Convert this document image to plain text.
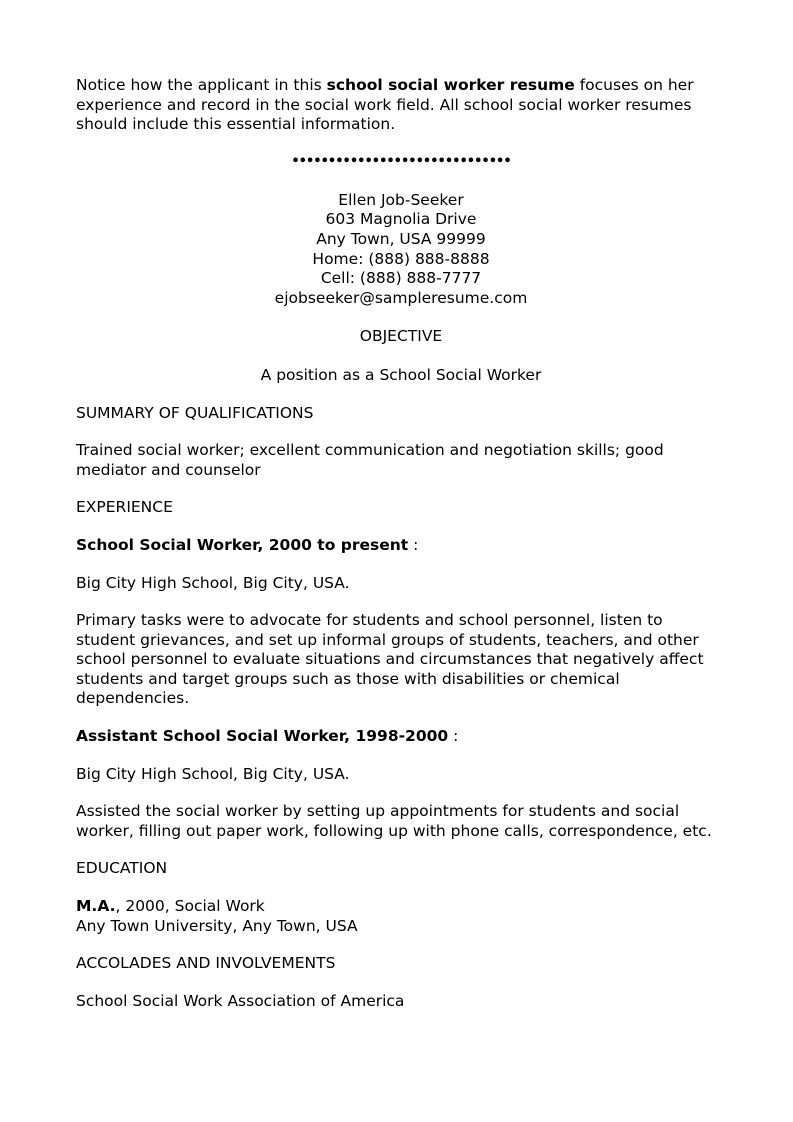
Notice how the applicant in this school social worker resume focuses on her experience and record in the social work field. All school social worker resumes should include this essential information.

••••••••••••••••••••••••••••••
Ellen Job-Seeker
603 Magnolia Drive
Any Town, USA 99999
Home: (888) 888-8888
Cell: (888) 888-7777
ejobseeker@sampleresume.com
OBJECTIVE

A position as a School Social Worker

SUMMARY OF QUALIFICATIONS

Trained social worker; excellent communication and negotiation skills; good mediator and counselor

EXPERIENCE

School Social Worker, 2000 to present :

Big City High School, Big City, USA.

Primary tasks were to advocate for students and school personnel, listen to student grievances, and set up informal groups of students, teachers, and other school personnel to evaluate situations and circumstances that negatively affect students and target groups such as those with disabilities or chemical dependencies.

Assistant School Social Worker, 1998-2000 :

Big City High School, Big City, USA.

Assisted the social worker by setting up appointments for students and social worker, filling out paper work, following up with phone calls, correspondence, etc.

EDUCATION
M.A., 2000, Social Work
Any Town University, Any Town, USA
ACCOLADES AND INVOLVEMENTS

School Social Work Association of America
